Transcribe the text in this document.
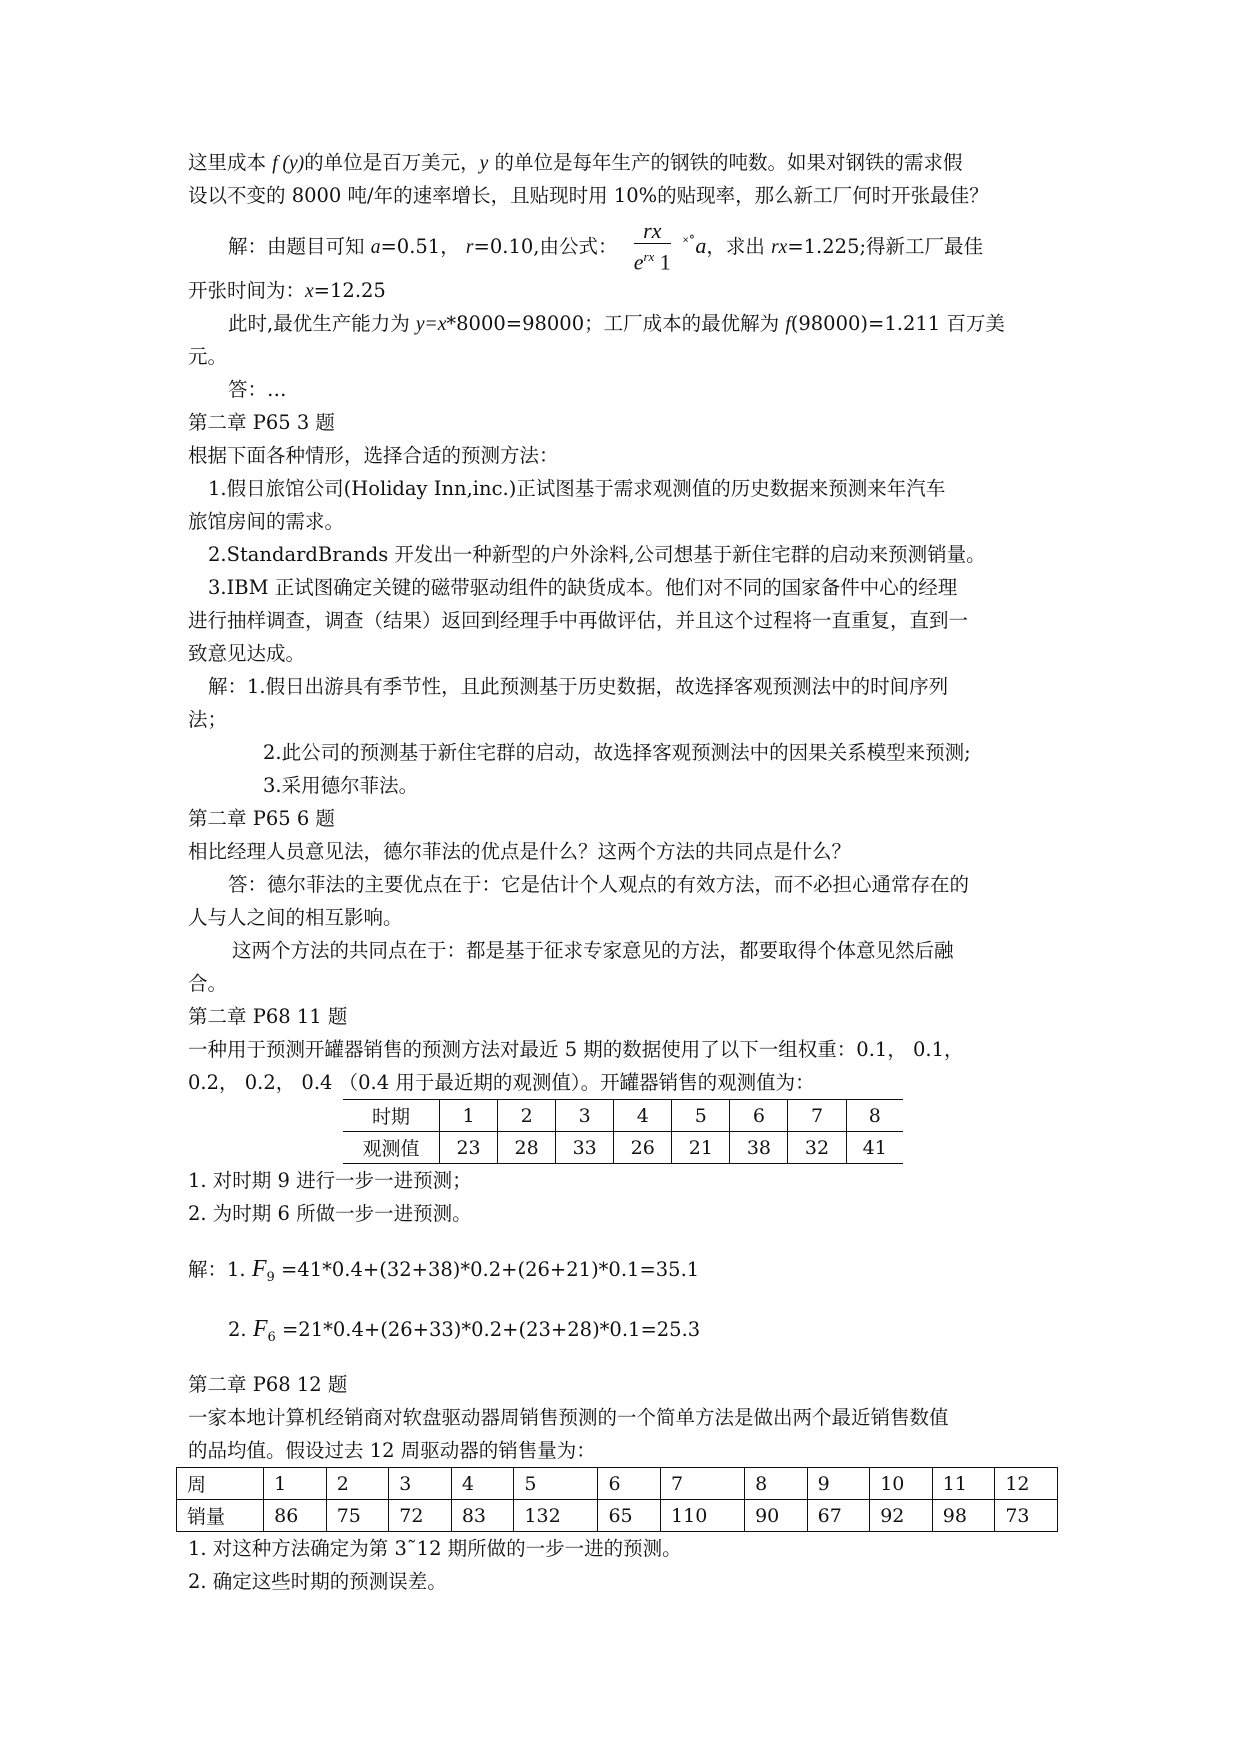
这里成本 f (y)的单位是百万美元，y 的单位是每年生产的钢铁的吨数。如果对钢铁的需求假
设以不变的 8000 吨/年的速率增长，且贴现时用 10%的贴现率，那么新工厂何时开张最佳？
解：由题目可知 a=0.51， r=0.10,由公式： $\frac{rx}{e^{rx} 1} ^{˟˚}a$，求出 rx=1.225;得新工厂最佳
开张时间为：x=12.25
此时,最优生产能力为 y=x*8000=98000；工厂成本的最优解为 f(98000)=1.211 百万美
元。
答：…
第二章 P65 3 题
根据下面各种情形，选择合适的预测方法：
1.假日旅馆公司(Holiday Inn,inc.)正试图基于需求观测值的历史数据来预测来年汽车
旅馆房间的需求。
2.StandardBrands 开发出一种新型的户外涂料,公司想基于新住宅群的启动来预测销量。
3.IBM 正试图确定关键的磁带驱动组件的缺货成本。他们对不同的国家备件中心的经理
进行抽样调查，调查（结果）返回到经理手中再做评估，并且这个过程将一直重复，直到一
致意见达成。
解：1.假日出游具有季节性，且此预测基于历史数据，故选择客观预测法中的时间序列
法；
2.此公司的预测基于新住宅群的启动，故选择客观预测法中的因果关系模型来预测;
3.采用德尔菲法。
第二章 P65 6 题
相比经理人员意见法，德尔菲法的优点是什么？这两个方法的共同点是什么？
答：德尔菲法的主要优点在于：它是估计个人观点的有效方法，而不必担心通常存在的
人与人之间的相互影响。
这两个方法的共同点在于：都是基于征求专家意见的方法，都要取得个体意见然后融
合。
第二章 P68 11 题
一种用于预测开罐器销售的预测方法对最近 5 期的数据使用了以下一组权重：0.1， 0.1，
0.2， 0.2， 0.4 （0.4 用于最近期的观测值）。开罐器销售的观测值为：
时期	1	2	3	4	5	6	7	8
观测值	23	28	33	26	21	38	32	41
1. 对时期 9 进行一步一进预测；
2. 为时期 6 所做一步一进预测。
解：1. $F_9 =41*0.4+(32+38)*0.2+(26+21)*0.1=35.1$
2. $F_6 =21*0.4+(26+33)*0.2+(23+28)*0.1=25.3$
第二章 P68 12 题
一家本地计算机经销商对软盘驱动器周销售预测的一个简单方法是做出两个最近销售数值
的品均值。假设过去 12 周驱动器的销售量为：
周	1	2	3	4	5	6	7	8	9	10	11	12
销量	86	75	72	83	132	65	110	90	67	92	98	73
1. 对这种方法确定为第 3˜12 期所做的一步一进的预测。
2. 确定这些时期的预测误差。
